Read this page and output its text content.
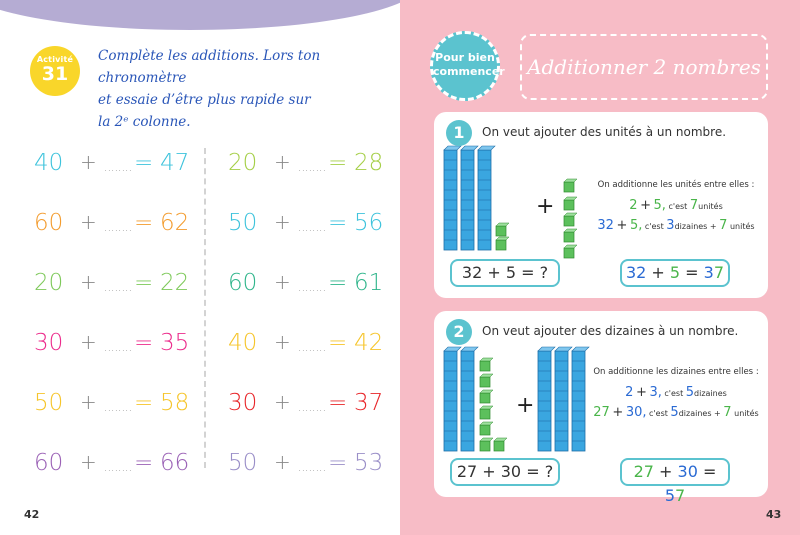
Activité
31
Complète les additions. Lors ton chronomètre
et essaie d’être plus rapide sur
la 2ᵉ colonne.
40 + ........ = 47
60 + ........ = 62
20 + ........ = 22
30 + ........ = 35
50 + ........ = 58
60 + ........ = 66
20 + ........ = 28
50 + ........ = 56
60 + ........ = 61
40 + ........ = 42
30 + ........ = 37
50 + ........ = 53
42
Pour bien
commencer	Additionner 2 nombres
+
1	On veut ajouter des unités à un nombre.
On additionne les unités entre elles :
2 + 5, c'est 7unités
32 + 5, c'est 3dizaines + 7 unités
32 + 5 = ?	32 + 5 = 37
+
2	On veut ajouter des dizaines à un nombre.
On additionne les dizaines entre elles :
2 + 3, c'est 5dizaines
27 + 30, c'est 5dizaines + 7 unités
27 + 30 = ?	27 + 30 = 57
43
